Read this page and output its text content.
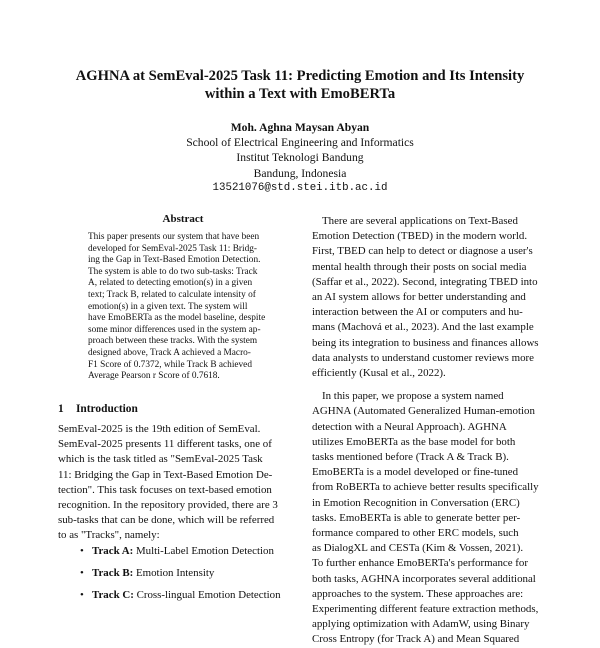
AGHNA at SemEval-2025 Task 11: Predicting Emotion and Its Intensity
within a Text with EmoBERTa
Moh. Aghna Maysan Abyan
School of Electrical Engineering and Informatics
Institut Teknologi Bandung
Bandung, Indonesia
13521076@std.stei.itb.ac.id
Abstract
This paper presents our system that have been
developed for SemEval-2025 Task 11: Bridg-
ing the Gap in Text-Based Emotion Detection.
The system is able to do two sub-tasks: Track
A, related to detecting emotion(s) in a given
text; Track B, related to calculate intensity of
emotion(s) in a given text. The system will
have EmoBERTa as the model baseline, despite
some minor differences used in the system ap-
proach between these tracks. With the system
designed above, Track A achieved a Macro-
F1 Score of 0.7372, while Track B achieved
Average Pearson r Score of 0.7618.
1 Introduction
SemEval-2025 is the 19th edition of SemEval.
SemEval-2025 presents 11 different tasks, one of
which is the task titled as "SemEval-2025 Task
11: Bridging the Gap in Text-Based Emotion De-
tection". This task focuses on text-based emotion
recognition. In the repository provided, there are 3
sub-tasks that can be done, which will be referred
to as "Tracks", namely:
• Track A: Multi-Label Emotion Detection
• Track B: Emotion Intensity
• Track C: Cross-lingual Emotion Detection
There are several applications on Text-Based
Emotion Detection (TBED) in the modern world.
First, TBED can help to detect or diagnose a user's
mental health through their posts on social media
(Saffar et al., 2022). Second, integrating TBED into
an AI system allows for better understanding and
interaction between the AI or computers and hu-
mans (Machová et al., 2023). And the last example
being its integration to business and finances allows
data analysts to understand customer reviews more
efficiently (Kusal et al., 2022).
In this paper, we propose a system named
AGHNA (Automated Generalized Human-emotion
detection with a Neural Approach). AGHNA
utilizes EmoBERTa as the base model for both
tasks mentioned before (Track A & Track B).
EmoBERTa is a model developed or fine-tuned
from RoBERTa to achieve better results specifically
in Emotion Recognition in Conversation (ERC)
tasks. EmoBERTa is able to generate better per-
formance compared to other ERC models, such
as DialogXL and CESTa (Kim & Vossen, 2021).
To further enhance EmoBERTa's performance for
both tasks, AGHNA incorporates several additional
approaches to the system. These approaches are:
Experimenting different feature extraction methods,
applying optimization with AdamW, using Binary
Cross Entropy (for Track A) and Mean Squared
